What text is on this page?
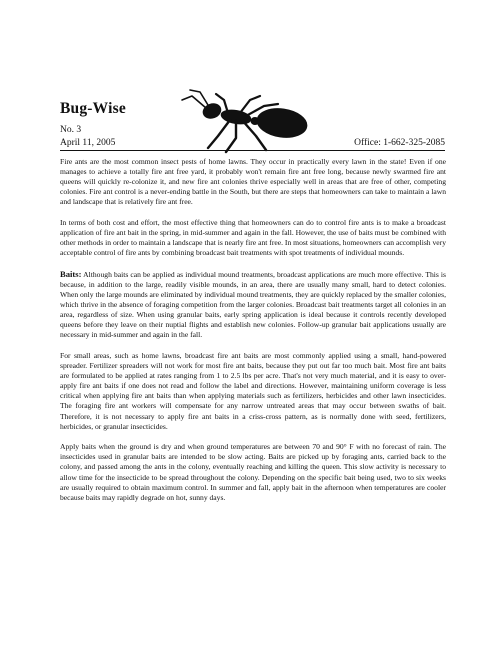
Bug-Wise
No. 3
April 11, 2005	Office: 1-662-325-2085

Fire ants are the most common insect pests of home lawns. They occur in practically every lawn in the state! Even if one manages to achieve a totally fire ant free yard, it probably won't remain fire ant free long, because newly swarmed fire ant queens will quickly re-colonize it, and new fire ant colonies thrive especially well in areas that are free of other, competing colonies. Fire ant control is a never-ending battle in the South, but there are steps that homeowners can take to maintain a lawn and landscape that is relatively fire ant free.

In terms of both cost and effort, the most effective thing that homeowners can do to control fire ants is to make a broadcast application of fire ant bait in the spring, in mid-summer and again in the fall. However, the use of baits must be combined with other methods in order to maintain a landscape that is nearly fire ant free. In most situations, homeowners can accomplish very acceptable control of fire ants by combining broadcast bait treatments with spot treatments of individual mounds.

Baits: Although baits can be applied as individual mound treatments, broadcast applications are much more effective. This is because, in addition to the large, readily visible mounds, in an area, there are usually many small, hard to detect colonies. When only the large mounds are eliminated by individual mound treatments, they are quickly replaced by the smaller colonies, which thrive in the absence of foraging competition from the larger colonies. Broadcast bait treatments target all colonies in an area, regardless of size. When using granular baits, early spring application is ideal because it controls recently developed queens before they leave on their nuptial flights and establish new colonies. Follow-up granular bait applications usually are necessary in mid-summer and again in the fall.

For small areas, such as home lawns, broadcast fire ant baits are most commonly applied using a small, hand-powered spreader. Fertilizer spreaders will not work for most fire ant baits, because they put out far too much bait. Most fire ant baits are formulated to be applied at rates ranging from 1 to 2.5 lbs per acre. That's not very much material, and it is easy to over-apply fire ant baits if one does not read and follow the label and directions. However, maintaining uniform coverage is less critical when applying fire ant baits than when applying materials such as fertilizers, herbicides and other lawn insecticides. The foraging fire ant workers will compensate for any narrow untreated areas that may occur between swaths of bait. Therefore, it is not necessary to apply fire ant baits in a criss-cross pattern, as is normally done with seed, fertilizers, herbicides, or granular insecticides.

Apply baits when the ground is dry and when ground temperatures are between 70 and 90° F with no forecast of rain. The insecticides used in granular baits are intended to be slow acting. Baits are picked up by foraging ants, carried back to the colony, and passed among the ants in the colony, eventually reaching and killing the queen. This slow activity is necessary to allow time for the insecticide to be spread throughout the colony. Depending on the specific bait being used, two to six weeks are usually required to obtain maximum control. In summer and fall, apply bait in the afternoon when temperatures are cooler because baits may rapidly degrade on hot, sunny days.
